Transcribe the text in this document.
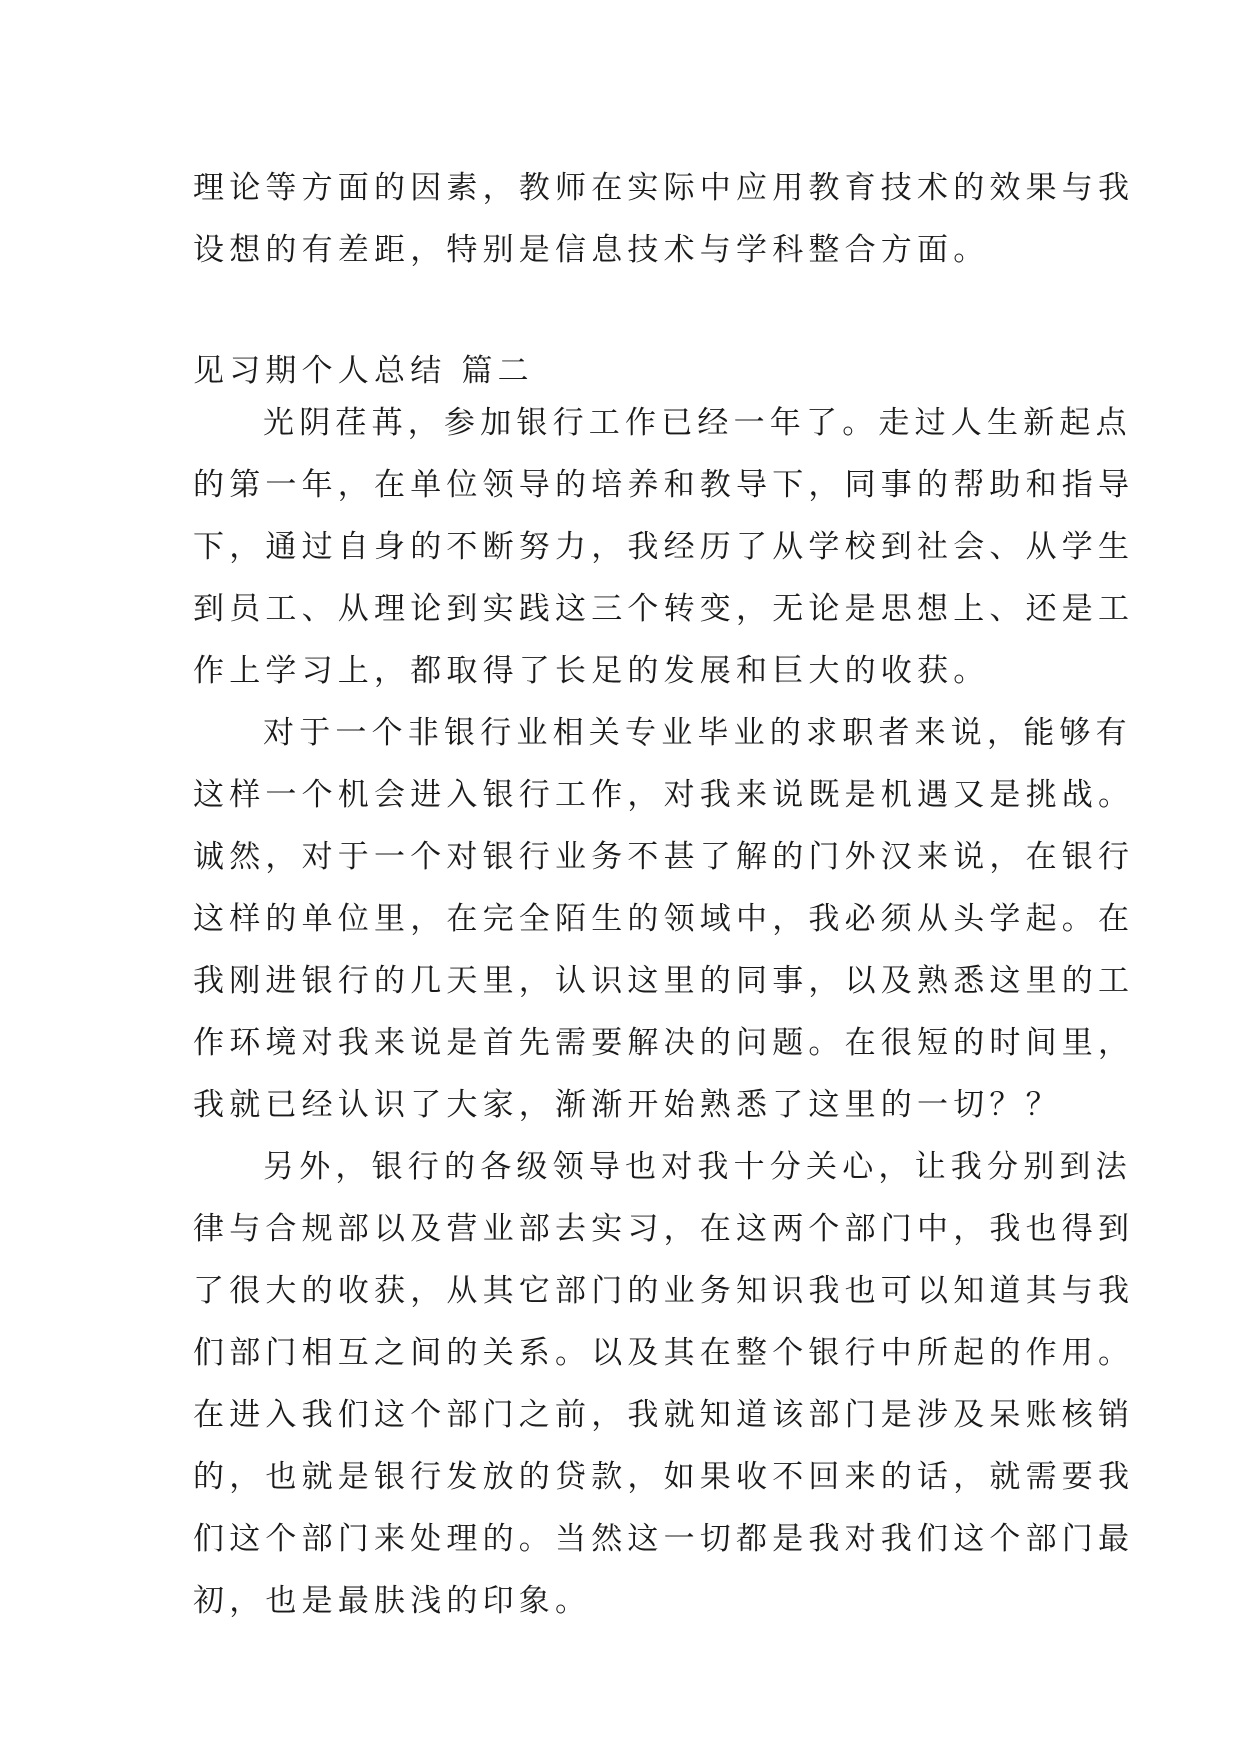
理论等方面的因素，教师在实际中应用教育技术的效果与我
设想的有差距，特别是信息技术与学科整合方面。
见习期个人总结 篇二
光阴荏苒，参加银行工作已经一年了。走过人生新起点
的第一年，在单位领导的培养和教导下，同事的帮助和指导
下，通过自身的不断努力，我经历了从学校到社会、从学生
到员工、从理论到实践这三个转变，无论是思想上、还是工
作上学习上，都取得了长足的发展和巨大的收获。
对于一个非银行业相关专业毕业的求职者来说，能够有
这样一个机会进入银行工作，对我来说既是机遇又是挑战。
诚然，对于一个对银行业务不甚了解的门外汉来说，在银行
这样的单位里，在完全陌生的领域中，我必须从头学起。在
我刚进银行的几天里，认识这里的同事，以及熟悉这里的工
作环境对我来说是首先需要解决的问题。在很短的时间里，
我就已经认识了大家，渐渐开始熟悉了这里的一切？？
另外，银行的各级领导也对我十分关心，让我分别到法
律与合规部以及营业部去实习，在这两个部门中，我也得到
了很大的收获，从其它部门的业务知识我也可以知道其与我
们部门相互之间的关系。以及其在整个银行中所起的作用。
在进入我们这个部门之前，我就知道该部门是涉及呆账核销
的，也就是银行发放的贷款，如果收不回来的话，就需要我
们这个部门来处理的。当然这一切都是我对我们这个部门最
初，也是最肤浅的印象。
